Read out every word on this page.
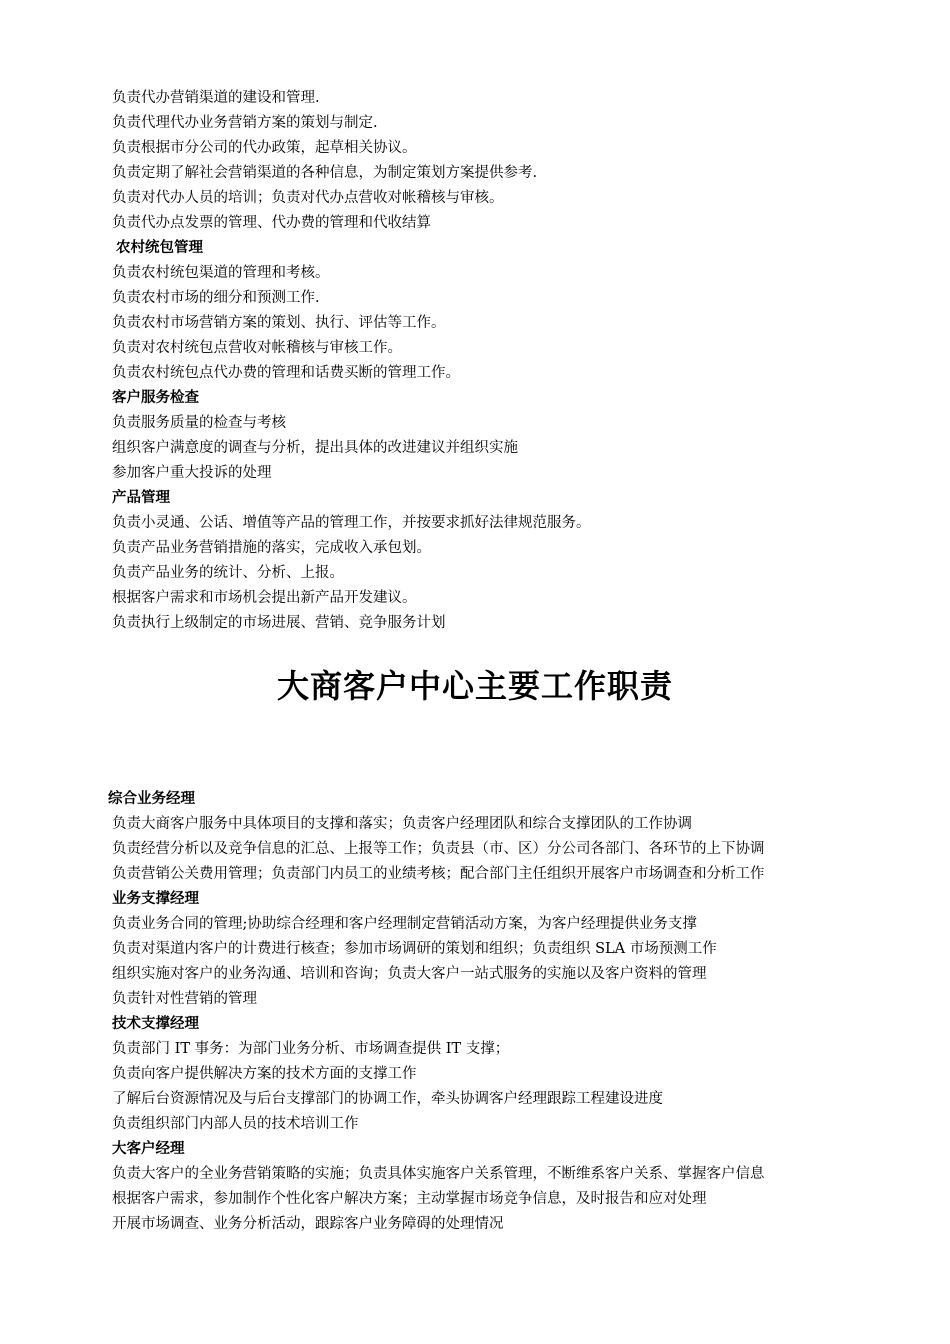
负责代办营销渠道的建设和管理.
负责代理代办业务营销方案的策划与制定.
负责根据市分公司的代办政策，起草相关协议。
负责定期了解社会营销渠道的各种信息，为制定策划方案提供参考.
负责对代办人员的培训；负责对代办点营收对帐稽核与审核。
负责代办点发票的管理、代办费的管理和代收结算
农村统包管理
负责农村统包渠道的管理和考核。
负责农村市场的细分和预测工作.
负责农村市场营销方案的策划、执行、评估等工作。
负责对农村统包点营收对帐稽核与审核工作。
负责农村统包点代办费的管理和话费买断的管理工作。
客户服务检查
负责服务质量的检查与考核
组织客户满意度的调查与分析，提出具体的改进建议并组织实施
参加客户重大投诉的处理
产品管理
负责小灵通、公话、增值等产品的管理工作，并按要求抓好法律规范服务。
负责产品业务营销措施的落实，完成收入承包划。
负责产品业务的统计、分析、上报。
根据客户需求和市场机会提出新产品开发建议。
负责执行上级制定的市场进展、营销、竞争服务计划
大商客户中心主要工作职责
综合业务经理
负责大商客户服务中具体项目的支撑和落实；负责客户经理团队和综合支撑团队的工作协调
负责经营分析以及竞争信息的汇总、上报等工作；负责县（市、区）分公司各部门、各环节的上下协调
负责营销公关费用管理；负责部门内员工的业绩考核；配合部门主任组织开展客户市场调查和分析工作
业务支撑经理
负责业务合同的管理;协助综合经理和客户经理制定营销活动方案，为客户经理提供业务支撑
负责对渠道内客户的计费进行核查；参加市场调研的策划和组织；负责组织 SLA 市场预测工作
组织实施对客户的业务沟通、培训和咨询；负责大客户一站式服务的实施以及客户资料的管理
负责针对性营销的管理
技术支撑经理
负责部门 IT 事务：为部门业务分析、市场调查提供 IT 支撑；
负责向客户提供解决方案的技术方面的支撑工作
了解后台资源情况及与后台支撑部门的协调工作，牵头协调客户经理跟踪工程建设进度
负责组织部门内部人员的技术培训工作
大客户经理
负责大客户的全业务营销策略的实施；负责具体实施客户关系管理，不断维系客户关系、掌握客户信息
根据客户需求，参加制作个性化客户解决方案；主动掌握市场竞争信息，及时报告和应对处理
开展市场调查、业务分析活动，跟踪客户业务障碍的处理情况
